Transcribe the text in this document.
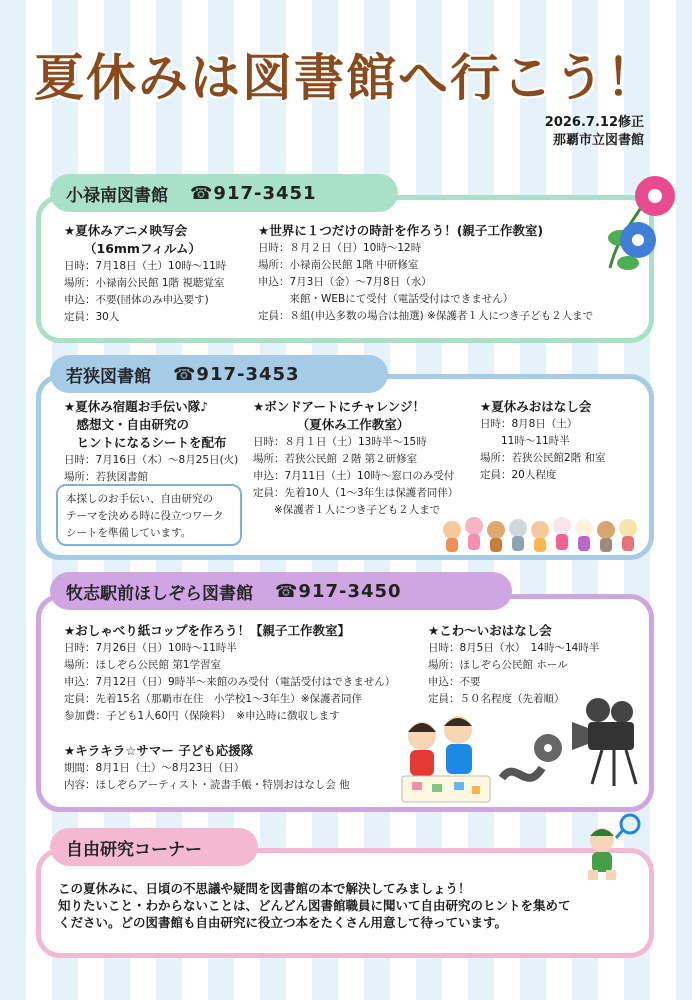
夏休みは図書館へ行こう！
2026.7.12修正
那覇市立図書館
小禄南図書館 ☎917-3451
★夏休みアニメ映写会
（16mmフィルム）
日時：7月18日（土）10時～11時
場所：小禄南公民館 1階 視聴覚室
申込：不要(団体のみ申込要す)
定員：30人
★世界に１つだけの時計を作ろう！(親子工作教室)
日時：８月２日（日）10時～12時
場所：小禄南公民館 1階 中研修室
申込：7月3日（金）～7月8日（水）
　　　来館・WEBにて受付（電話受付はできません）
定員：８組(申込多数の場合は抽選) ※保護者１人につき子ども２人まで
若狭図書館 ☎917-3453
★夏休み宿題お手伝い隊♪
　感想文・自由研究の
　ヒントになるシートを配布
日時：7月16日（木）～8月25日(火)
場所：若狭図書館
本探しのお手伝い、自由研究の
テーマを決める時に役立つワーク
シートを準備しています。
★ボンドアートにチャレンジ！
　　　　（夏休み工作教室）
日時：８月１日（土）13時半～15時
場所：若狭公民館 ２階 第２研修室
申込：7月11日（土）10時～窓口のみ受付
定員：先着10人（1～3年生は保護者同伴）
　　※保護者１人につき子ども２人まで
★夏休みおはなし会
日時：8月8日（土）
　　11時～11時半
場所：若狭公民館2階 和室
定員：20人程度
牧志駅前ほしぞら図書館 ☎917-3450
★おしゃべり紙コップを作ろう！【親子工作教室】
日時：7月26日（日）10時～11時半
場所：ほしぞら公民館 第1学習室
申込：7月12日（日）9時半～来館のみ受付（電話受付はできません）
定員：先着15名（那覇市在住　小学校1～3年生）※保護者同伴
参加費：子ども1人60円（保険料）　※申込時に徴収します
★こわ～いおはなし会
日時：8月5日（水）　14時～14時半
場所：ほしぞら公民館 ホール
申込：不要
定員：５０名程度（先着順）
★キラキラ☆サマー 子ども応援隊
期間：8月1日（土）～8月23日（日）
内容：ほしぞらアーティスト・読書手帳・特別おはなし会 他
自由研究コーナー
この夏休みに、日頃の不思議や疑問を図書館の本で解決してみましょう！
知りたいこと・わからないことは、どんどん図書館職員に聞いて自由研究のヒントを集めて
ください。どの図書館も自由研究に役立つ本をたくさん用意して待っています。
